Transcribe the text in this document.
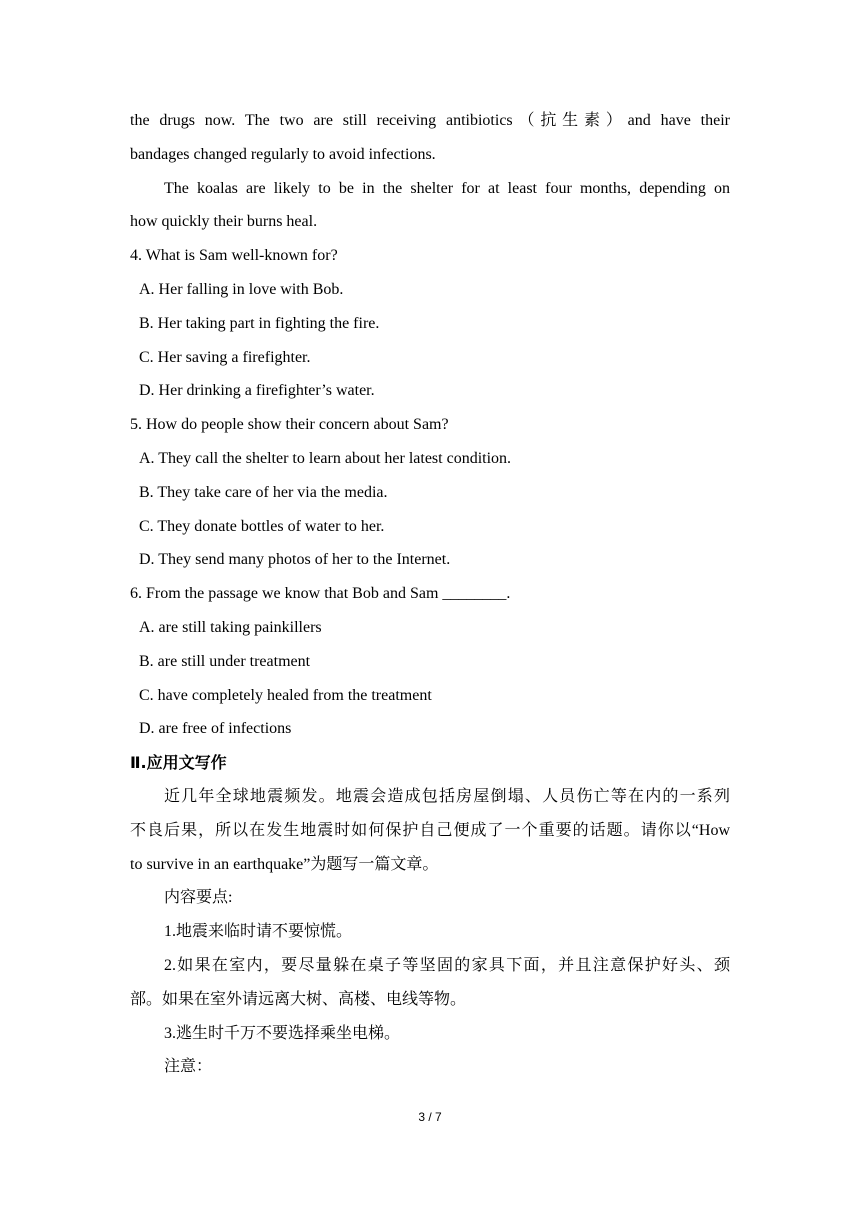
the drugs now. The two are still receiving antibiotics（抗生素）and have their
bandages changed regularly to avoid infections.
The koalas are likely to be in the shelter for at least four months, depending on
how quickly their burns heal.
4. What is Sam well-known for?
A. Her falling in love with Bob.
B. Her taking part in fighting the fire.
C. Her saving a firefighter.
D. Her drinking a firefighter’s water.
5. How do people show their concern about Sam?
A. They call the shelter to learn about her latest condition.
B. They take care of her via the media.
C. They donate bottles of water to her.
D. They send many photos of her to the Internet.
6. From the passage we know that Bob and Sam ________.
A. are still taking painkillers
B. are still under treatment
C. have completely healed from the treatment
D. are free of infections
Ⅱ.应用文写作
近几年全球地震频发。地震会造成包括房屋倒塌、人员伤亡等在内的一系列
不良后果，所以在发生地震时如何保护自己便成了一个重要的话题。请你以“How
to survive in an earthquake”为题写一篇文章。
内容要点:
1.地震来临时请不要惊慌。
2.如果在室内，要尽量躲在桌子等坚固的家具下面，并且注意保护好头、颈
部。如果在室外请远离大树、高楼、电线等物。
3.逃生时千万不要选择乘坐电梯。
注意：
3 / 7
